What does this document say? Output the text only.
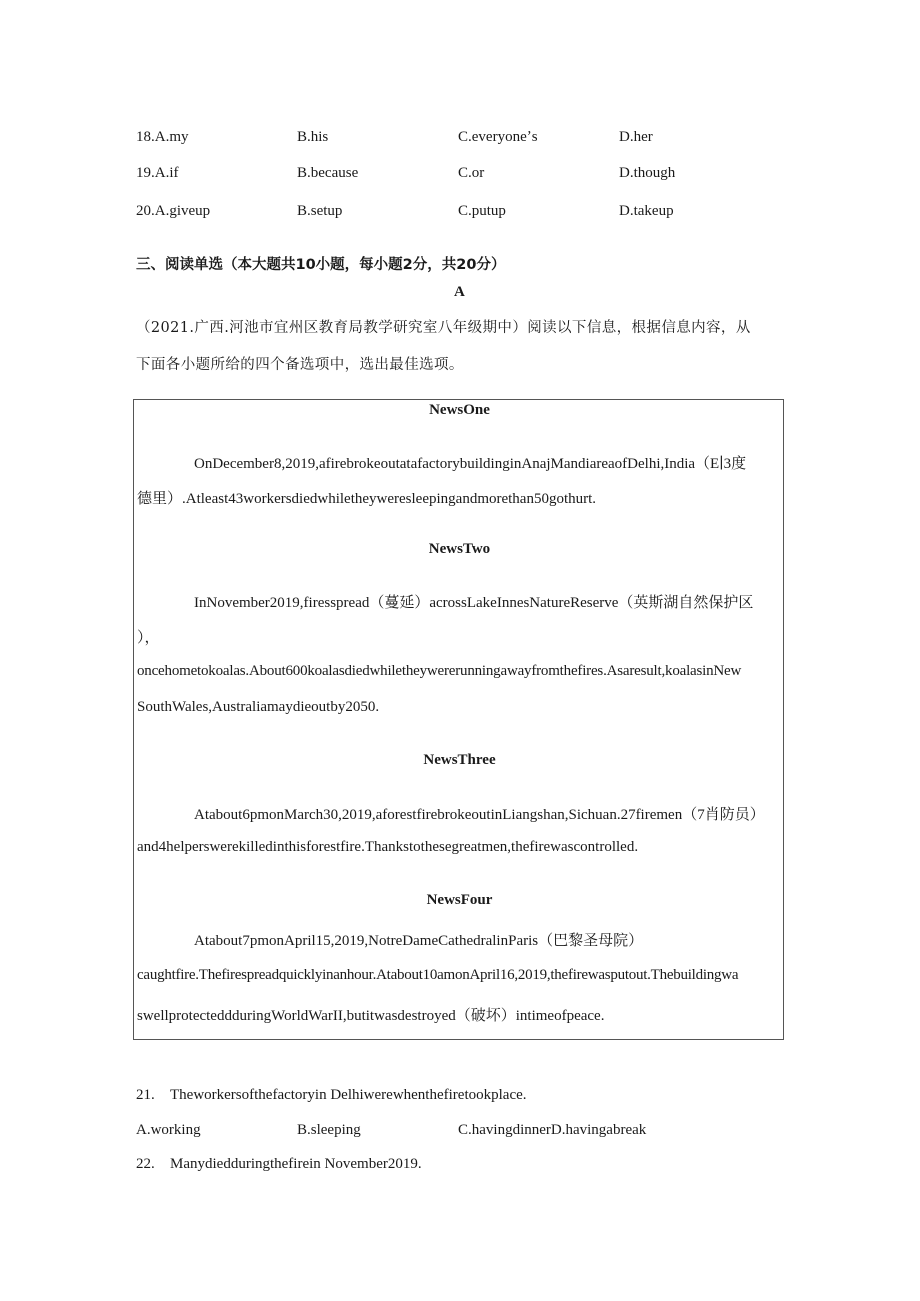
18.A.my	B.his	C.everyoneʼs	D.her
19.A.if	B.because	C.or	D.though
20.A.giveup	B.setup	C.putup	D.takeup
三、阅读单选（本大题共10小题，每小题2分，共20分）
A
（2021.广西.河池市宜州区教育局教学研究室八年级期中）阅读以下信息，根据信息内容，从
下面各小题所给的四个备选项中，选出最佳选项。
NewsOne
OnDecember8,2019,afirebrokeoutatafactorybuildinginAnajMandiareaofDelhi,India（E∣3度
德里）.Atleast43workersdiedwhiletheyweresleepingandmorethan50gothurt.
NewsTwo
InNovember2019,firesspread（蔓延）acrossLakeInnesNatureReserve（英斯湖自然保护区
），
oncehometokoalas.About600koalasdiedwhiletheywererunningawayfromthefires.Asaresult,koalasinNew
SouthWales,Australiamaydieoutby2050.
NewsThree
Atabout6pmonMarch30,2019,aforestfirebrokeoutinLiangshan,Sichuan.27firemen（7肖防员）
and4helperswerekilledinthisforestfire.Thankstothesegreatmen,thefirewascontrolled.
NewsFour
Atabout7pmonApril15,2019,NotreDameCathedralinParis（巴黎圣母院）
caughtfire.Thefirespreadquicklyinanhour.Atabout10amonApril16,2019,thefirewasputout.Thebuildingwa
swellprotecteddduringWorldWarII,butitwasdestroyed（破坏）intimeofpeace.
21. Theworkersofthefactoryin Delhiwerewhenthefiretookplace.
A.working	B.sleeping	C.havingdinnerD.havingabreak
22. Manydiedduringthefirein November2019.
